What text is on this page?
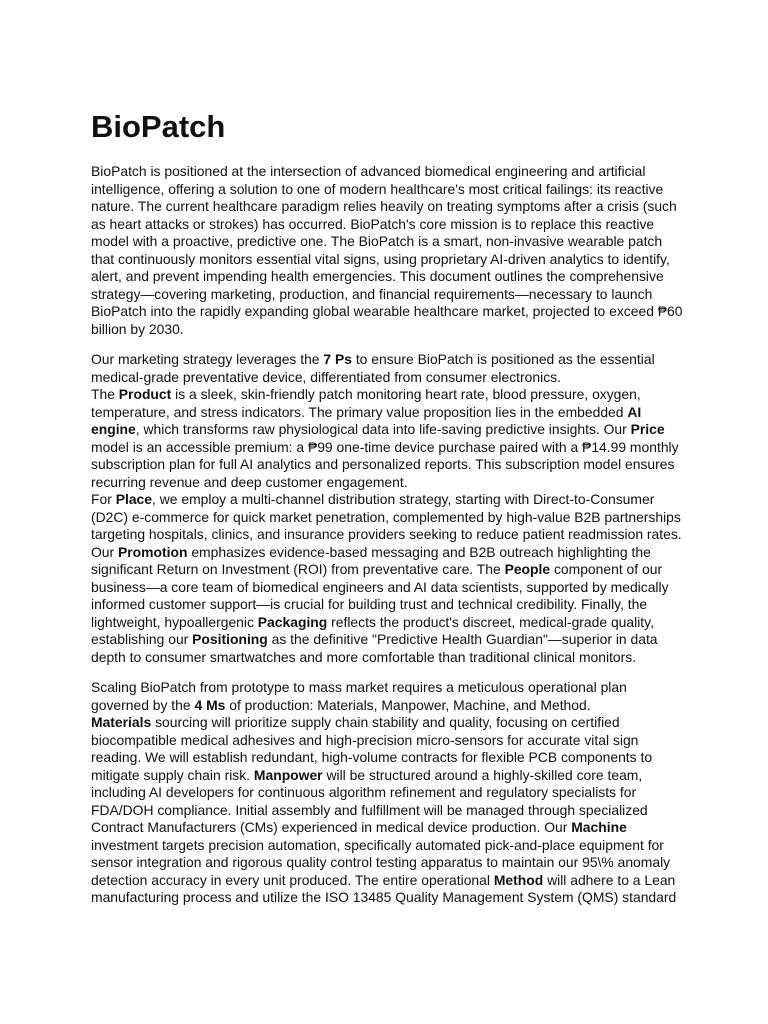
BioPatch

BioPatch is positioned at the intersection of advanced biomedical engineering and artificial intelligence, offering a solution to one of modern healthcare's most critical failings: its reactive nature. The current healthcare paradigm relies heavily on treating symptoms after a crisis (such as heart attacks or strokes) has occurred. BioPatch's core mission is to replace this reactive model with a proactive, predictive one. The BioPatch is a smart, non-invasive wearable patch that continuously monitors essential vital signs, using proprietary AI-driven analytics to identify, alert, and prevent impending health emergencies. This document outlines the comprehensive strategy—covering marketing, production, and financial requirements—necessary to launch BioPatch into the rapidly expanding global wearable healthcare market, projected to exceed ₱60 billion by 2030.

Our marketing strategy leverages the 7 Ps to ensure BioPatch is positioned as the essential medical-grade preventative device, differentiated from consumer electronics.

The Product is a sleek, skin-friendly patch monitoring heart rate, blood pressure, oxygen, temperature, and stress indicators. The primary value proposition lies in the embedded AI engine, which transforms raw physiological data into life-saving predictive insights. Our Price model is an accessible premium: a ₱99 one-time device purchase paired with a ₱14.99 monthly subscription plan for full AI analytics and personalized reports. This subscription model ensures recurring revenue and deep customer engagement.

For Place, we employ a multi-channel distribution strategy, starting with Direct-to-Consumer (D2C) e-commerce for quick market penetration, complemented by high-value B2B partnerships targeting hospitals, clinics, and insurance providers seeking to reduce patient readmission rates. Our Promotion emphasizes evidence-based messaging and B2B outreach highlighting the significant Return on Investment (ROI) from preventative care. The People component of our business—a core team of biomedical engineers and AI data scientists, supported by medically informed customer support—is crucial for building trust and technical credibility. Finally, the lightweight, hypoallergenic Packaging reflects the product's discreet, medical-grade quality, establishing our Positioning as the definitive "Predictive Health Guardian"—superior in data depth to consumer smartwatches and more comfortable than traditional clinical monitors.

Scaling BioPatch from prototype to mass market requires a meticulous operational plan governed by the 4 Ms of production: Materials, Manpower, Machine, and Method.

Materials sourcing will prioritize supply chain stability and quality, focusing on certified biocompatible medical adhesives and high-precision micro-sensors for accurate vital sign reading. We will establish redundant, high-volume contracts for flexible PCB components to mitigate supply chain risk. Manpower will be structured around a highly-skilled core team, including AI developers for continuous algorithm refinement and regulatory specialists for FDA/DOH compliance. Initial assembly and fulfillment will be managed through specialized Contract Manufacturers (CMs) experienced in medical device production. Our Machine investment targets precision automation, specifically automated pick-and-place equipment for sensor integration and rigorous quality control testing apparatus to maintain our 95\% anomaly detection accuracy in every unit produced. The entire operational Method will adhere to a Lean manufacturing process and utilize the ISO 13485 Quality Management System (QMS) standard
